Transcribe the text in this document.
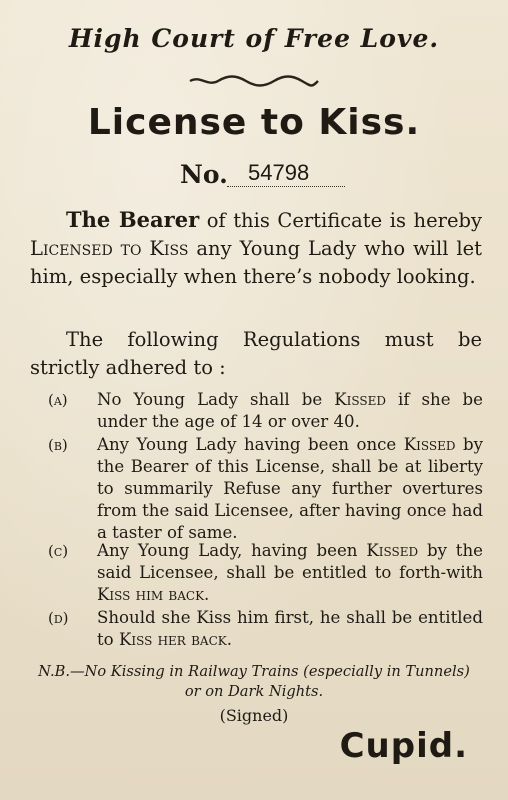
High Court of Free Love.
License to Kiss.
No. 54798
The Bearer of this Certificate is hereby Licensed to Kiss any Young Lady who will let him, especially when there’s nobody looking.
The following Regulations must be strictly adhered to :
(a) No Young Lady shall be Kissed if she be under the age of 14 or over 40.
(b) Any Young Lady having been once Kissed by the Bearer of this License, shall be at liberty to summarily Refuse any further overtures from the said Licensee, after having once had a taster of same.
(c) Any Young Lady, having been Kissed by the said Licensee, shall be entitled to forth-with Kiss him back.
(d) Should she Kiss him first, he shall be entitled to Kiss her back.
N.B.—No Kissing in Railway Trains (especially in Tunnels) or on Dark Nights.
(Signed)
Cupid.
